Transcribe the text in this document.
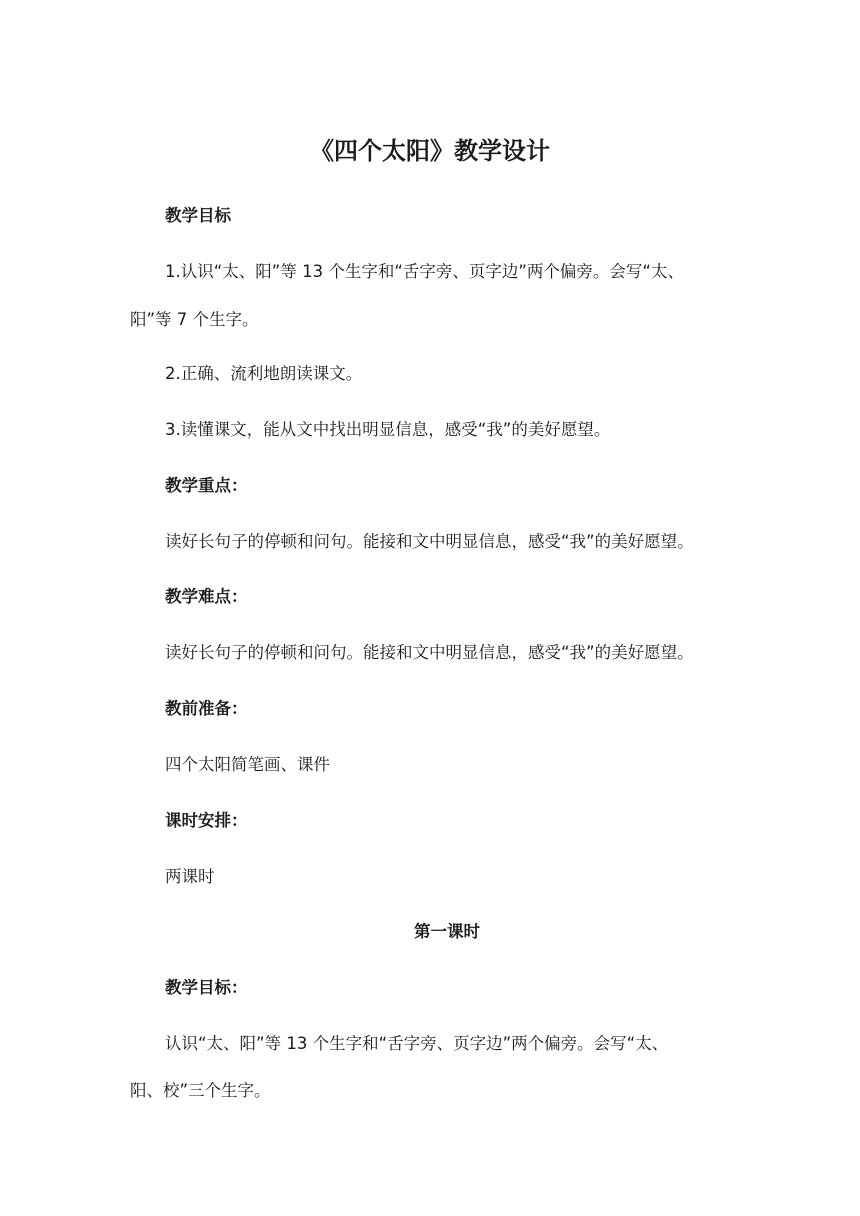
《四个太阳》教学设计
教学目标
1.认识“太、阳”等 13 个生字和“舌字旁、页字边”两个偏旁。会写“太、
阳”等 7 个生字。
2.正确、流利地朗读课文。
3.读懂课文，能从文中找出明显信息，感受“我”的美好愿望。
教学重点：
读好长句子的停顿和问句。能接和文中明显信息，感受“我”的美好愿望。
教学难点：
读好长句子的停顿和问句。能接和文中明显信息，感受“我”的美好愿望。
教前准备：
四个太阳简笔画、课件
课时安排：
两课时
第一课时
教学目标：
认识“太、阳”等 13 个生字和“舌字旁、页字边”两个偏旁。会写“太、
阳、校”三个生字。
